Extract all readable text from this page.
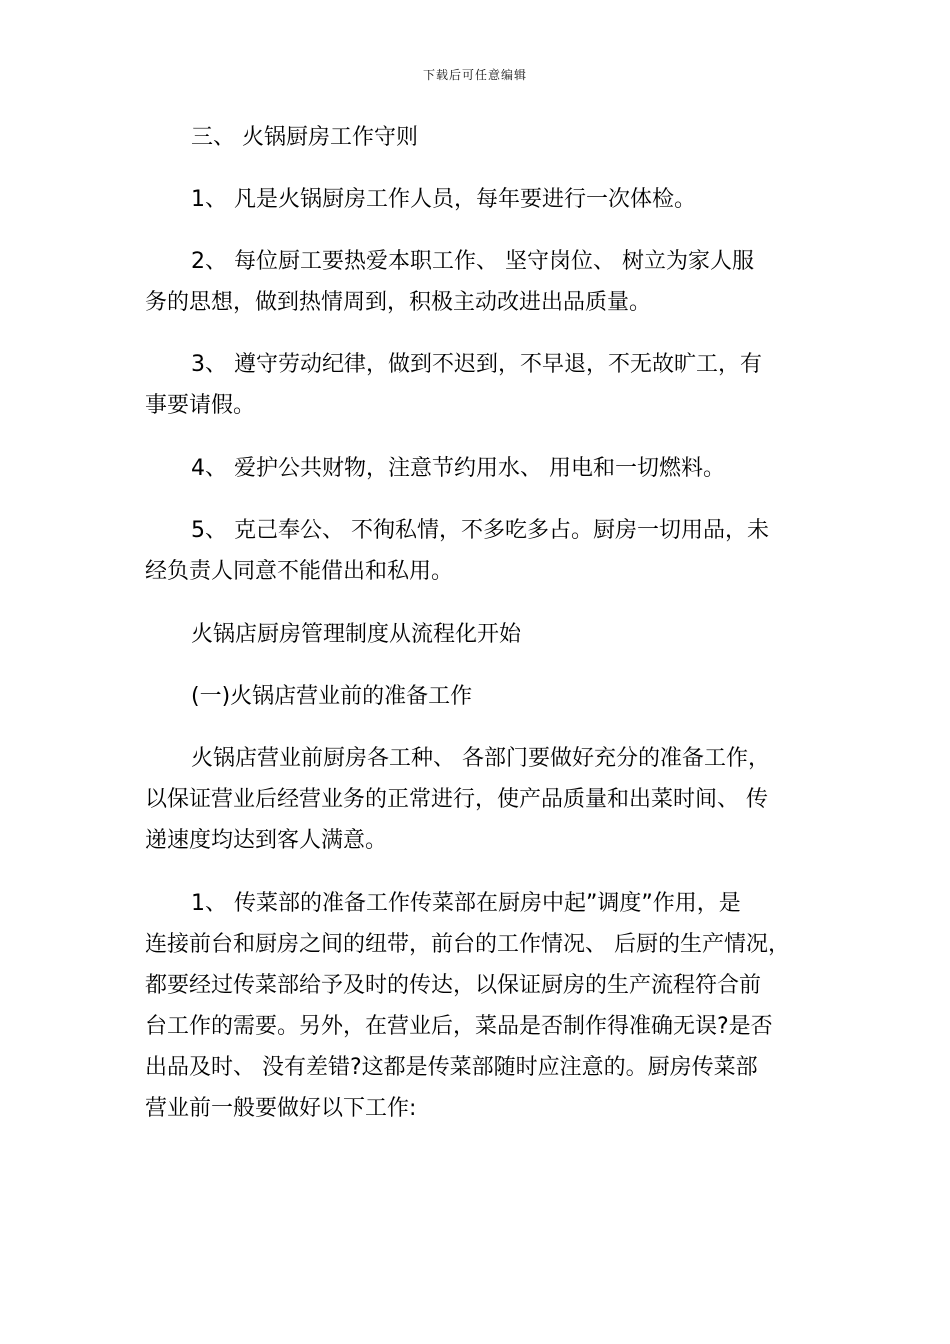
下载后可任意编辑
三、 火锅厨房工作守则
1、 凡是火锅厨房工作人员，每年要进行一次体检。
2、 每位厨工要热爱本职工作、 坚守岗位、 树立为家人服
务的思想，做到热情周到，积极主动改进出品质量。
3、 遵守劳动纪律，做到不迟到，不早退，不无故旷工，有
事要请假。
4、 爱护公共财物，注意节约用水、 用电和一切燃料。
5、 克己奉公、 不徇私情，不多吃多占。厨房一切用品，未
经负责人同意不能借出和私用。
火锅店厨房管理制度从流程化开始
(一)火锅店营业前的准备工作
火锅店营业前厨房各工种、 各部门要做好充分的准备工作，
以保证营业后经营业务的正常进行，使产品质量和出菜时间、 传
递速度均达到客人满意。
1、 传菜部的准备工作传菜部在厨房中起”调度”作用，是
连接前台和厨房之间的纽带，前台的工作情况、 后厨的生产情况，
都要经过传菜部给予及时的传达，以保证厨房的生产流程符合前
台工作的需要。另外，在营业后，菜品是否制作得准确无误?是否
出品及时、 没有差错?这都是传菜部随时应注意的。厨房传菜部
营业前一般要做好以下工作:
